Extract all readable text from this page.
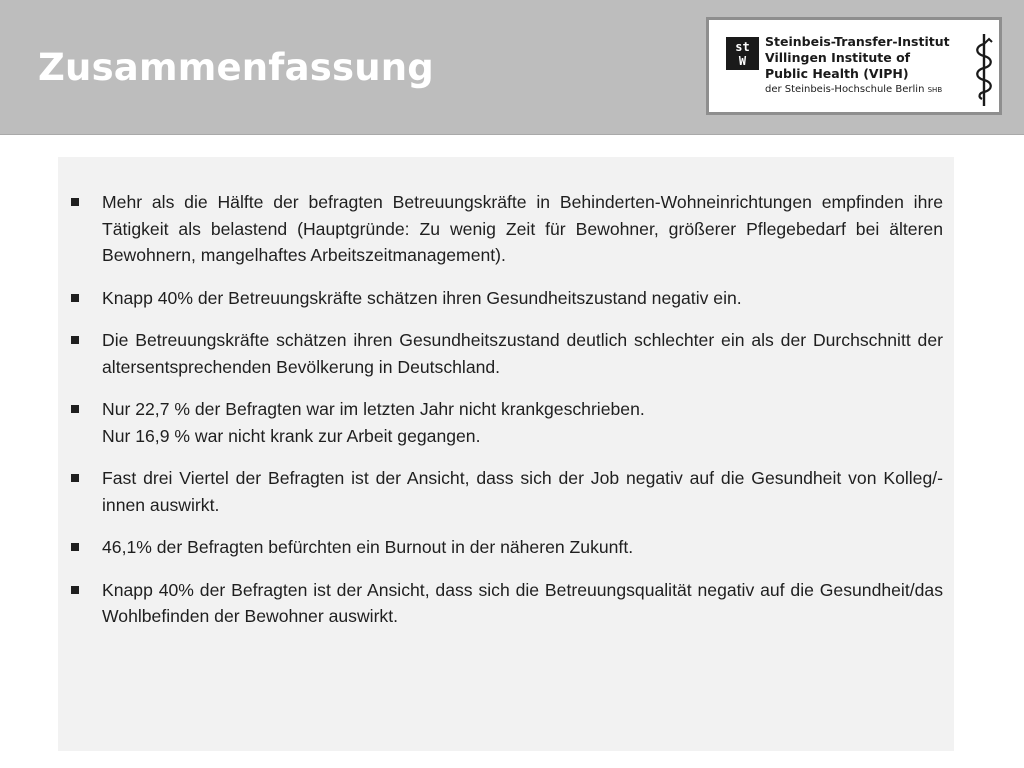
Zusammenfassung	st
W
Steinbeis-Transfer-Institut
Villingen Institute of
Public Health (VIPH)
der Steinbeis-Hochschule Berlin SHB
Mehr als die Hälfte der befragten Betreuungskräfte in Behinderten-Wohneinrichtungen empfinden ihre Tätigkeit als belastend (Hauptgründe: Zu wenig Zeit für Bewohner, größerer Pflegebedarf bei älteren Bewohnern, mangelhaftes Arbeitszeitmanagement).
Knapp 40% der Betreuungskräfte schätzen ihren Gesundheitszustand negativ ein.
Die Betreuungskräfte schätzen ihren Gesundheitszustand deutlich schlechter ein als der Durchschnitt der altersentsprechenden Bevölkerung in Deutschland.
Nur 22,7 % der Befragten war im letzten Jahr nicht krankgeschrieben.
Nur 16,9 % war nicht krank zur Arbeit gegangen.
Fast drei Viertel der Befragten ist der Ansicht, dass sich der Job negativ auf die Gesundheit von Kolleg/-innen auswirkt.
46,1% der Befragten befürchten ein Burnout in der näheren Zukunft.
Knapp 40% der Befragten ist der Ansicht, dass sich die Betreuungsqualität negativ auf die Gesundheit/das Wohlbefinden der Bewohner auswirkt.
